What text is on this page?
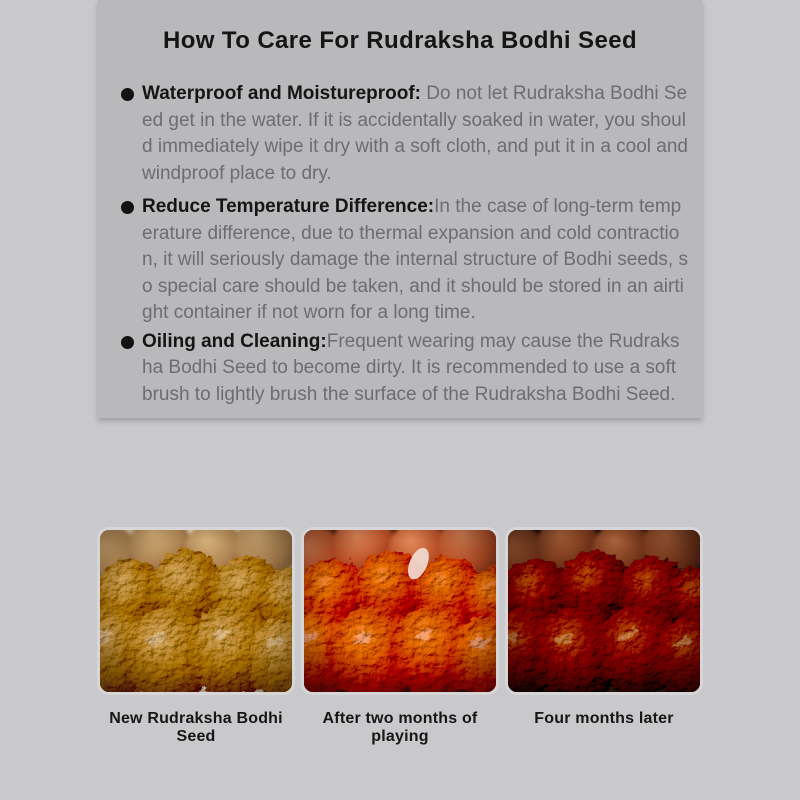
How To Care For Rudraksha Bodhi Seed

Waterproof and Moistureproof: Do not let Rudraksha Bodhi Seed get in the water. If it is accidentally soaked in water, you should immediately wipe it dry with a soft cloth, and put it in a cool and windproof place to dry.

Reduce Temperature Difference:In the case of long-term temperature difference, due to thermal expansion and cold contraction, it will seriously damage the internal structure of Bodhi seeds, so special care should be taken, and it should be stored in an airtight container if not worn for a long time.

Oiling and Cleaning:Frequent wearing may cause the Rudraksha Bodhi Seed to become dirty. It is recommended to use a soft brush to lightly brush the surface of the Rudraksha Bodhi Seed.

New Rudraksha Bodhi Seed
After two months of playing
Four months later
